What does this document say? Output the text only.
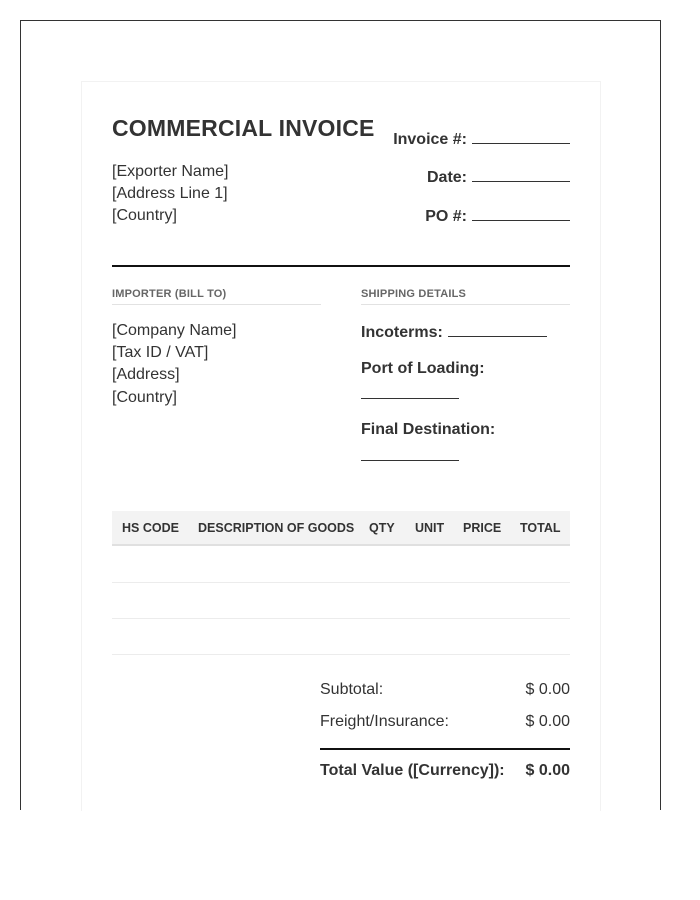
COMMERCIAL INVOICE
[Exporter Name]
[Address Line 1]
[Country]
Invoice #:
Date:
PO #:
IMPORTER (BILL TO)
[Company Name]
[Tax ID / VAT]
[Address]
[Country]
SHIPPING DETAILS
Incoterms:
Port of Loading:
Final Destination:
HS CODE DESCRIPTION OF GOODS QTY UNIT PRICE TOTAL
Subtotal:	$ 0.00
Freight/Insurance:	$ 0.00
Total Value ([Currency]): $ 0.00
